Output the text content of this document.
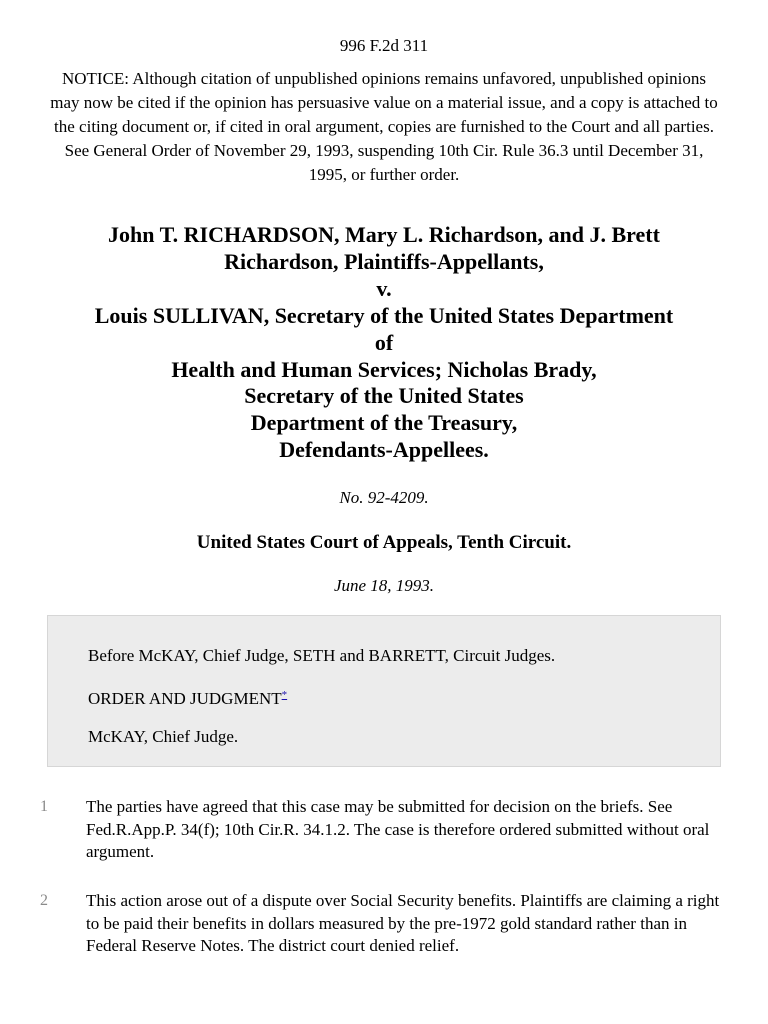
996 F.2d 311
NOTICE: Although citation of unpublished opinions remains unfavored, unpublished opinions may now be cited if the opinion has persuasive value on a material issue, and a copy is attached to the citing document or, if cited in oral argument, copies are furnished to the Court and all parties. See General Order of November 29, 1993, suspending 10th Cir. Rule 36.3 until December 31, 1995, or further order.
John T. RICHARDSON, Mary L. Richardson, and J. Brett
Richardson, Plaintiffs-Appellants,
v.
Louis SULLIVAN, Secretary of the United States Department
of
Health and Human Services; Nicholas Brady,
Secretary of the United States
Department of the Treasury,
Defendants-Appellees.
No. 92-4209.
United States Court of Appeals, Tenth Circuit.
June 18, 1993.
Before McKAY, Chief Judge, SETH and BARRETT, Circuit Judges.
ORDER AND JUDGMENT*
McKAY, Chief Judge.
1	The parties have agreed that this case may be submitted for decision on the briefs. See Fed.R.App.P. 34(f); 10th Cir.R. 34.1.2. The case is therefore ordered submitted without oral argument.
2	This action arose out of a dispute over Social Security benefits. Plaintiffs are claiming a right to be paid their benefits in dollars measured by the pre-1972 gold standard rather than in Federal Reserve Notes. The district court denied relief.
